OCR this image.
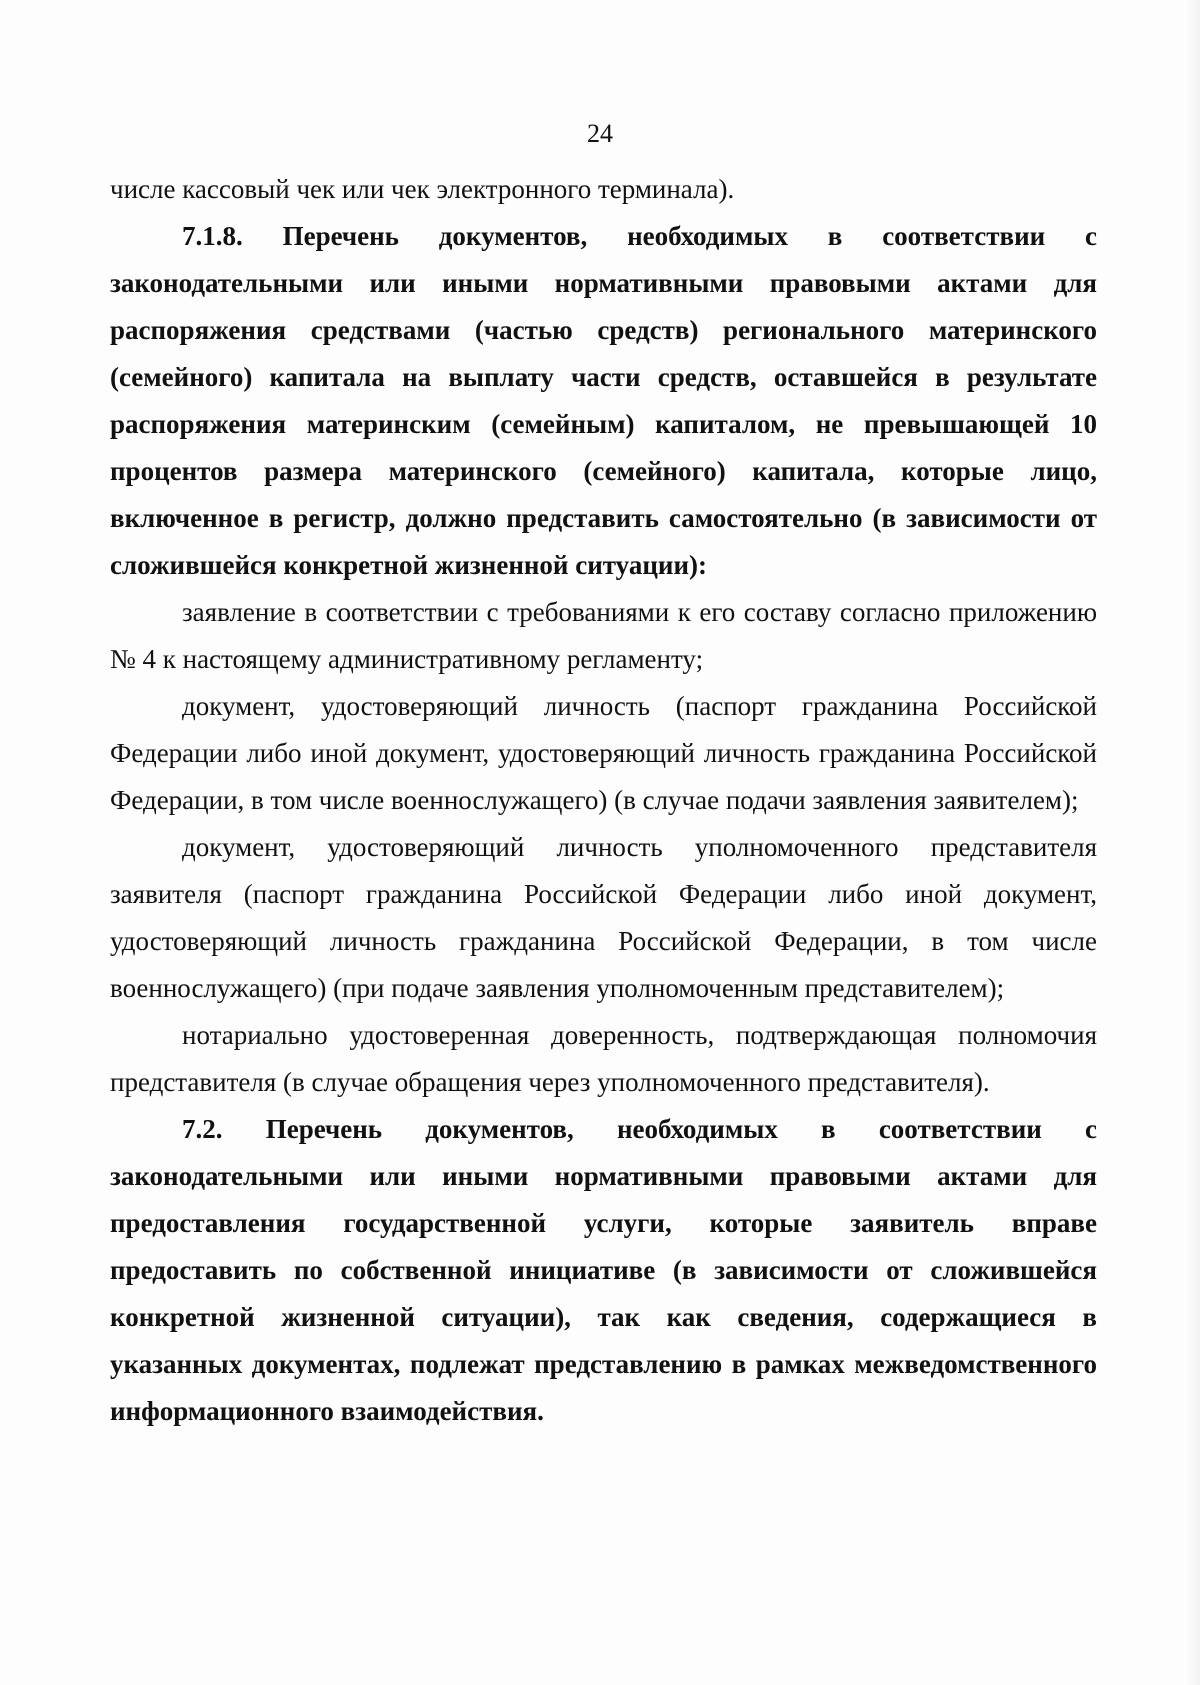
24

числе кассовый чек или чек электронного терминала).

7.1.8. Перечень документов, необходимых в соответствии с законодательными или иными нормативными правовыми актами для распоряжения средствами (частью средств) регионального материнского (семейного) капитала на выплату части средств, оставшейся в результате распоряжения материнским (семейным) капиталом, не превышающей 10 процентов размера материнского (семейного) капитала, которые лицо, включенное в регистр, должно представить самостоятельно (в зависимости от сложившейся конкретной жизненной ситуации):

заявление в соответствии с требованиями к его составу согласно приложению № 4 к настоящему административному регламенту;

документ, удостоверяющий личность (паспорт гражданина Российской Федерации либо иной документ, удостоверяющий личность гражданина Российской Федерации, в том числе военнослужащего) (в случае подачи заявления заявителем);

документ, удостоверяющий личность уполномоченного представителя заявителя (паспорт гражданина Российской Федерации либо иной документ, удостоверяющий личность гражданина Российской Федерации, в том числе военнослужащего) (при подаче заявления уполномоченным представителем);

нотариально удостоверенная доверенность, подтверждающая полномочия представителя (в случае обращения через уполномоченного представителя).

7.2. Перечень документов, необходимых в соответствии с законодательными или иными нормативными правовыми актами для предоставления государственной услуги, которые заявитель вправе предоставить по собственной инициативе (в зависимости от сложившейся конкретной жизненной ситуации), так как сведения, содержащиеся в указанных документах, подлежат представлению в рамках межведомственного информационного взаимодействия.
